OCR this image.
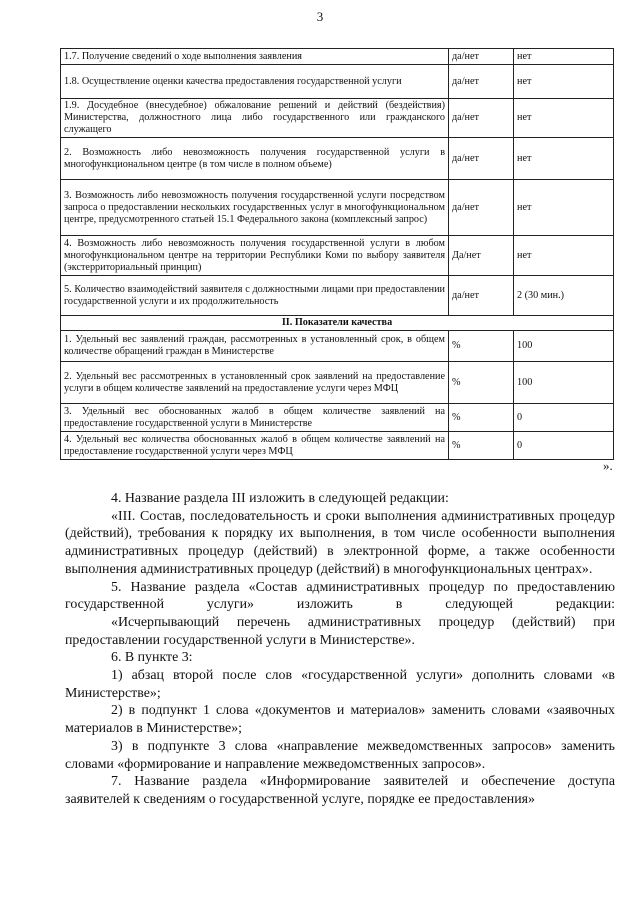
3
1.7. Получение сведений о ходе выполнения заявления	да/нет	нет
1.8. Осуществление оценки качества предоставления государственной услуги	да/нет	нет
1.9. Досудебное (внесудебное) обжалование решений и действий (бездействия) Министерства, должностного лица либо государственного или гражданского служащего	да/нет	нет
2. Возможность либо невозможность получения государственной услуги в многофункциональном центре (в том числе в полном объеме)	да/нет	нет
3. Возможность либо невозможность получения государственной услуги посредством запроса о предоставлении нескольких государственных услуг в многофункциональном центре, предусмотренного статьей 15.1 Федерального закона (комплексный запрос)	да/нет	нет
4. Возможность либо невозможность получения государственной услуги в любом многофункциональном центре на территории Республики Коми по выбору заявителя (экстерриториальный принцип)	Да/нет	нет
5. Количество взаимодействий заявителя с должностными лицами при предоставлении государственной услуги и их продолжительность	да/нет	2 (30 мин.)
II. Показатели качества		
1. Удельный вес заявлений граждан, рассмотренных в установленный срок, в общем количестве обращений граждан в Министерстве	%	100
2. Удельный вес рассмотренных в установленный срок заявлений на предоставление услуги в общем количестве заявлений на предоставление услуги через МФЦ	%	100
3. Удельный вес обоснованных жалоб в общем количестве заявлений на предоставление государственной услуги в Министерстве	%	0
4. Удельный вес количества обоснованных жалоб в общем количестве заявлений на предоставление государственной услуги через МФЦ	%	0
».

4. Название раздела III изложить в следующей редакции:

«III. Состав, последовательность и сроки выполнения административных процедур (действий), требования к порядку их выполнения, в том числе особенности выполнения административных процедур (действий) в электронной форме, а также особенности выполнения административных процедур (действий) в многофункциональных центрах».

5. Название раздела «Состав административных процедур по предоставлению государственной услуги» изложить в следующей редакции:

«Исчерпывающий перечень административных процедур (действий) при предоставлении государственной услуги в Министерстве».

6. В пункте 3:

1) абзац второй после слов «государственной услуги» дополнить словами «в Министерстве»;

2) в подпункт 1 слова «документов и материалов» заменить словами «заявочных материалов в Министерстве»;

3) в подпункте 3 слова «направление межведомственных запросов» заменить словами «формирование и направление межведомственных запросов».

7. Название раздела «Информирование заявителей и обеспечение доступа заявителей к сведениям о государственной услуге, порядке ее предоставления»
